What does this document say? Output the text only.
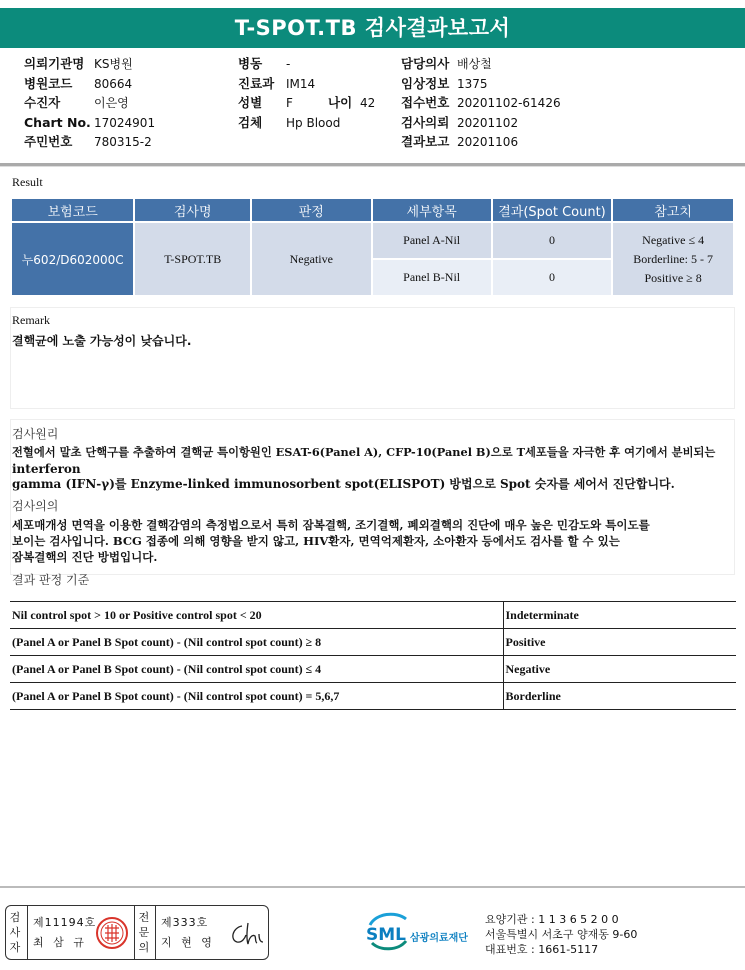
T-SPOT.TB 검사결과보고서
의뢰기관명 KS병원
병원코드 80664
수진자	이은영
Chart No. 17024901
주민번호 780315-2
병동 -
진료과 IM14
성별 F	나이 42
검체 Hp Blood
담당의사 배상철
임상정보 1375
접수번호 20201102-61426
검사의뢰 20201102
결과보고 20201106
Result
보험코드	검사명	판정	세부항목	결과(Spot Count)	참고치
누602/D602000C	T-SPOT.TB	Negative	Panel A-Nil	0	Negative ≤ 4
Borderline: 5 - 7
Positive ≥ 8

			Panel B-Nil	0	
Remark
결핵균에 노출 가능성이 낮습니다.
검사원리
전혈에서 말초 단핵구를 추출하여 결핵균 특이항원인 ESAT-6(Panel A), CFP-10(Panel B)으로 T세포들을 자극한 후 여기에서 분비되는
interferon
gamma (IFN-γ)를 Enzyme-linked immunosorbent spot(ELISPOT) 방법으로 Spot 숫자를 세어서 진단합니다.
검사의의
세포매개성 면역을 이용한 결핵감염의 측정법으로서 특히 잠복결핵, 조기결핵, 폐외결핵의 진단에 매우 높은 민감도와 특이도를
보이는 검사입니다. BCG 접종에 의해 영향을 받지 않고, HIV환자, 면역억제환자, 소아환자 등에서도 검사를 할 수 있는
잠복결핵의 진단 방법입니다.
결과 판정 기준
Nil control spot > 10 or Positive control spot < 20	Indeterminate
(Panel A or Panel B Spot count) - (Nil control spot count) ≥ 8	Positive
(Panel A or Panel B Spot count) - (Nil control spot count) ≤ 4	Negative
(Panel A or Panel B Spot count) - (Nil control spot count) = 5,6,7	Borderline
검사자
제11194호
최 삼 규
전문의
제333호
지 현 영	SML 삼광의료재단
요양기관 : 1 1 3 6 5 2 0 0
서울특별시 서초구 양재동 9-60
대표번호 : 1661-5117
